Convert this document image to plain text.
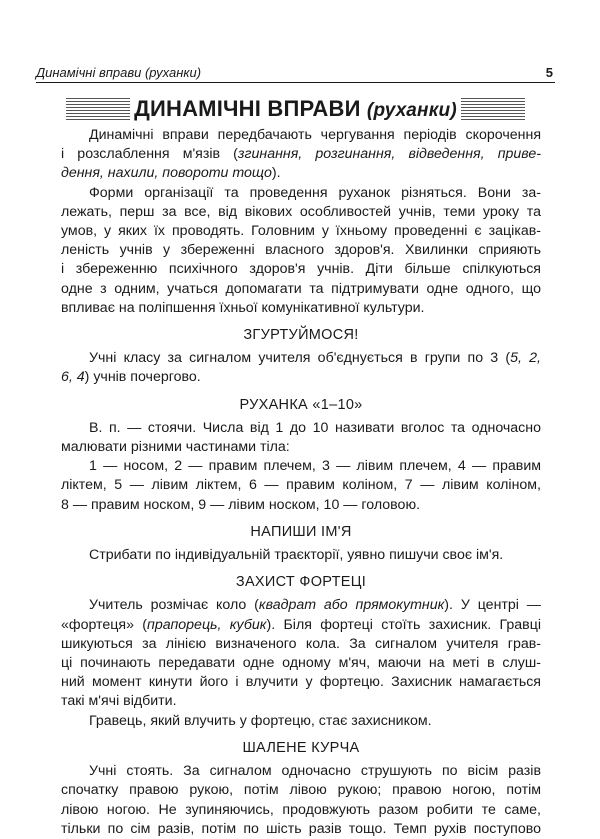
Динамічні вправи (руханки)	5
ДИНАМІЧНІ ВПРАВИ (руханки)

Динамічні вправи передбачають чергування періодів скорочення

і розслаблення м'язів (згинання, розгинання, відведення, приве-

дення, нахили, повороти тощо).

Форми організації та проведення руханок різняться. Вони за-

лежать, перш за все, від вікових особливостей учнів, теми уроку та

умов, у яких їх проводять. Головним у їхньому проведенні є зацікав-

леність учнів у збереженні власного здоров'я. Хвилинки сприяють

і збереженню психічного здоров'я учнів. Діти більше спілкуються

одне з одним, учаться допомагати та підтримувати одне одного, що

впливає на поліпшення їхньої комунікативної культури.

ЗГУРТУЙМОСЯ!

Учні класу за сигналом учителя об'єднується в групи по 3 (5, 2,

6, 4) учнів почергово.

РУХАНКА «1–10»

В. п. — стоячи. Числа від 1 до 10 називати вголос та одночасно

малювати різними частинами тіла:

1 — носом, 2 — правим плечем, 3 — лівим плечем, 4 — правим

ліктем, 5 — лівим ліктем, 6 — правим коліном, 7 — лівим коліном,

8 — правим носком, 9 — лівим носком, 10 — головою.

НАПИШИ ІМ'Я

Стрибати по індивідуальній траєкторії, уявно пишучи своє ім'я.

ЗАХИСТ ФОРТЕЦІ

Учитель розмічає коло (квадрат або прямокутник). У центрі —

«фортеця» (прапорець, кубик). Біля фортеці стоїть захисник. Гравці

шикуються за лінією визначеного кола. За сигналом учителя грав-

ці починають передавати одне одному м'яч, маючи на меті в слуш-

ний момент кинути його і влучити у фортецю. Захисник намагається

такі м'ячі відбити.

Гравець, який влучить у фортецю, стає захисником.

ШАЛЕНЕ КУРЧА

Учні стоять. За сигналом одночасно струшують по вісім разів

спочатку правою рукою, потім лівою рукою; правою ногою, потім

лівою ногою. Не зупиняючись, продовжують разом робити те саме,

тільки по сім разів, потім по шість разів тощо. Темп рухів поступово
